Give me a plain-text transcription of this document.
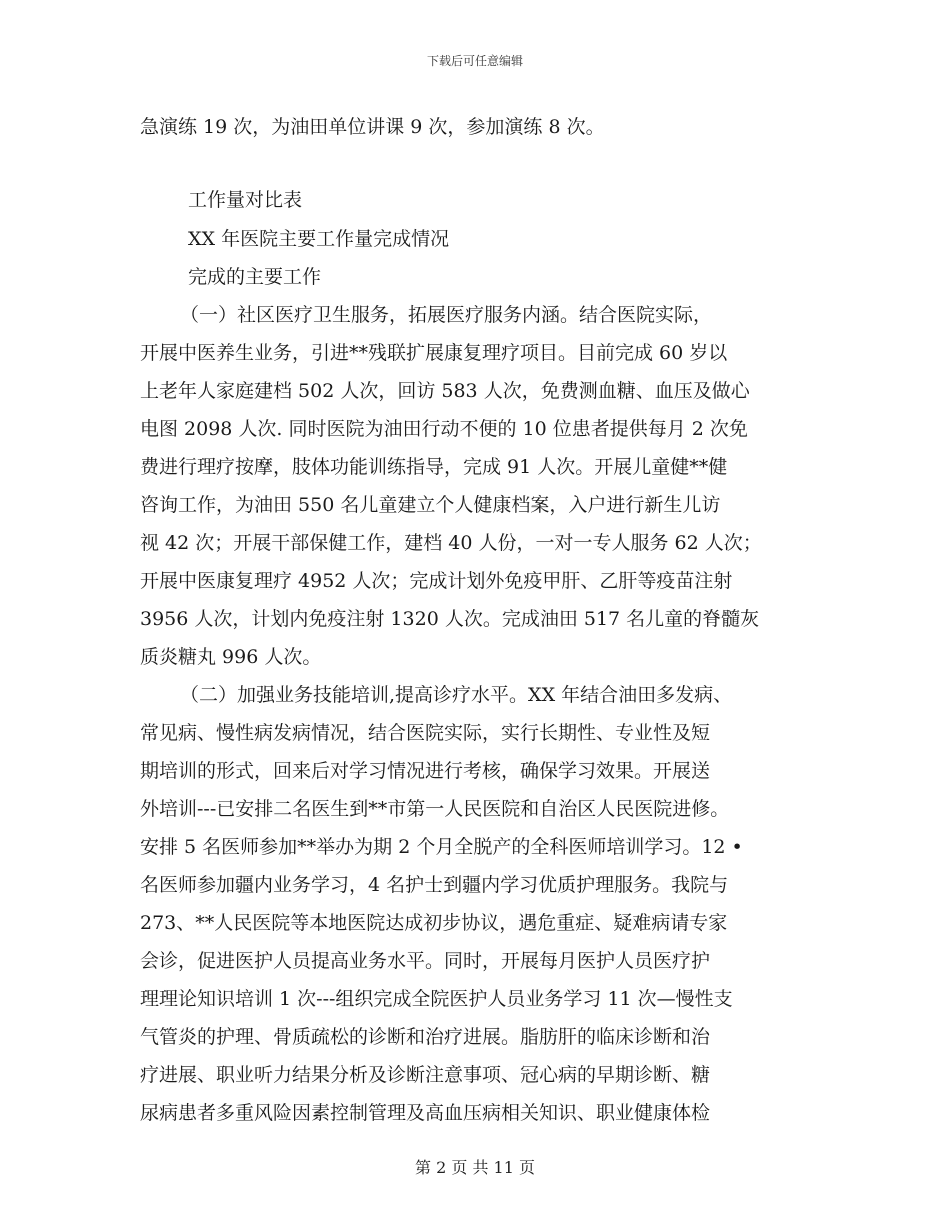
下载后可任意编辑
急演练 19 次，为油田单位讲课 9 次，参加演练 8 次。
工作量对比表
XX 年医院主要工作量完成情况
完成的主要工作
（一）社区医疗卫生服务，拓展医疗服务内涵。结合医院实际，
开展中医养生业务，引进**残联扩展康复理疗项目。目前完成 60 岁以
上老年人家庭建档 502 人次，回访 583 人次，免费测血糖、血压及做心
电图 2098 人次. 同时医院为油田行动不便的 10 位患者提供每月 2 次免
费进行理疗按摩，肢体功能训练指导，完成 91 人次。开展儿童健**健
咨询工作，为油田 550 名儿童建立个人健康档案，入户进行新生儿访
视 42 次；开展干部保健工作，建档 40 人份，一对一专人服务 62 人次；
开展中医康复理疗 4952 人次；完成计划外免疫甲肝、乙肝等疫苗注射
3956 人次，计划内免疫注射 1320 人次。完成油田 517 名儿童的脊髓灰
质炎糖丸 996 人次。
（二）加强业务技能培训,提高诊疗水平。XX 年结合油田多发病、
常见病、慢性病发病情况，结合医院实际，实行长期性、专业性及短
期培训的形式，回来后对学习情况进行考核，确保学习效果。开展送
外培训---已安排二名医生到**市第一人民医院和自治区人民医院进修。
安排 5 名医师参加**举办为期 2 个月全脱产的全科医师培训学习。12 •
名医师参加疆内业务学习，4 名护士到疆内学习优质护理服务。我院与
273、**人民医院等本地医院达成初步协议，遇危重症、疑难病请专家
会诊，促进医护人员提高业务水平。同时，开展每月医护人员医疗护
理理论知识培训 1 次---组织完成全院医护人员业务学习 11 次—慢性支
气管炎的护理、骨质疏松的诊断和治疗进展。脂肪肝的临床诊断和治
疗进展、职业听力结果分析及诊断注意事项、冠心病的早期诊断、糖
尿病患者多重风险因素控制管理及高血压病相关知识、职业健康体检
第 2 页 共 11 页
